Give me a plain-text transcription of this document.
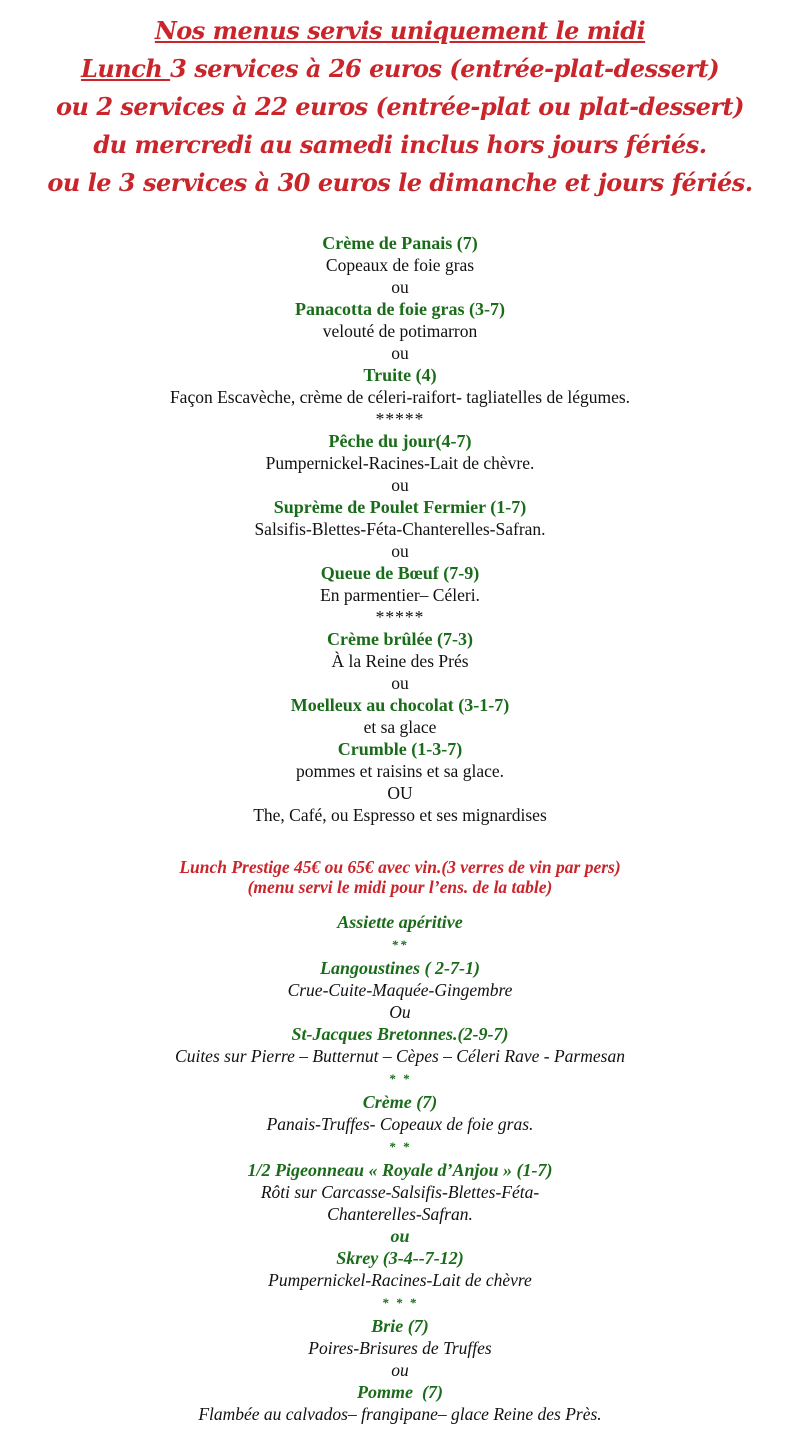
Nos menus servis uniquement le midi
Lunch 3 services à 26 euros (entrée-plat-dessert)
ou 2 services à 22 euros (entrée-plat ou plat-dessert)
du mercredi au samedi inclus hors jours fériés.
ou le 3 services à 30 euros le dimanche et jours fériés.
Crème de Panais (7)
Copeaux de foie gras
ou
Panacotta de foie gras (3-7)
velouté de potimarron
ou
Truite (4)
Façon Escavèche, crème de céleri-raifort- tagliatelles de légumes.
*****
Pêche du jour(4-7)
Pumpernickel-Racines-Lait de chèvre.
ou
Suprème de Poulet Fermier (1-7)
Salsifis-Blettes-Féta-Chanterelles-Safran.
ou
Queue de Bœuf (7-9)
En parmentier– Céleri.
*****
Crème brûlée (7-3)
À la Reine des Prés
ou
Moelleux au chocolat (3-1-7)
et sa glace
Crumble (1-3-7)
pommes et raisins et sa glace.
OU
The, Café, ou Espresso et ses mignardises
Lunch Prestige 45€ ou 65€ avec vin.(3 verres de vin par pers)
(menu servi le midi pour l’ens. de la table)
Assiette apéritive
**
Langoustines ( 2-7-1)
Crue-Cuite-Maquée-Gingembre
Ou
St-Jacques Bretonnes.(2-9-7)
Cuites sur Pierre – Butternut – Cèpes – Céleri Rave - Parmesan
* *
Crème (7)
Panais-Truffes- Copeaux de foie gras.
* *
1/2 Pigeonneau « Royale d’Anjou » (1-7)
Rôti sur Carcasse-Salsifis-Blettes-Féta-
Chanterelles-Safran.
ou
Skrey (3-4--7-12)
Pumpernickel-Racines-Lait de chèvre
* * *
Brie (7)
Poires-Brisures de Truffes
ou
Pomme  (7)
Flambée au calvados– frangipane– glace Reine des Près.
